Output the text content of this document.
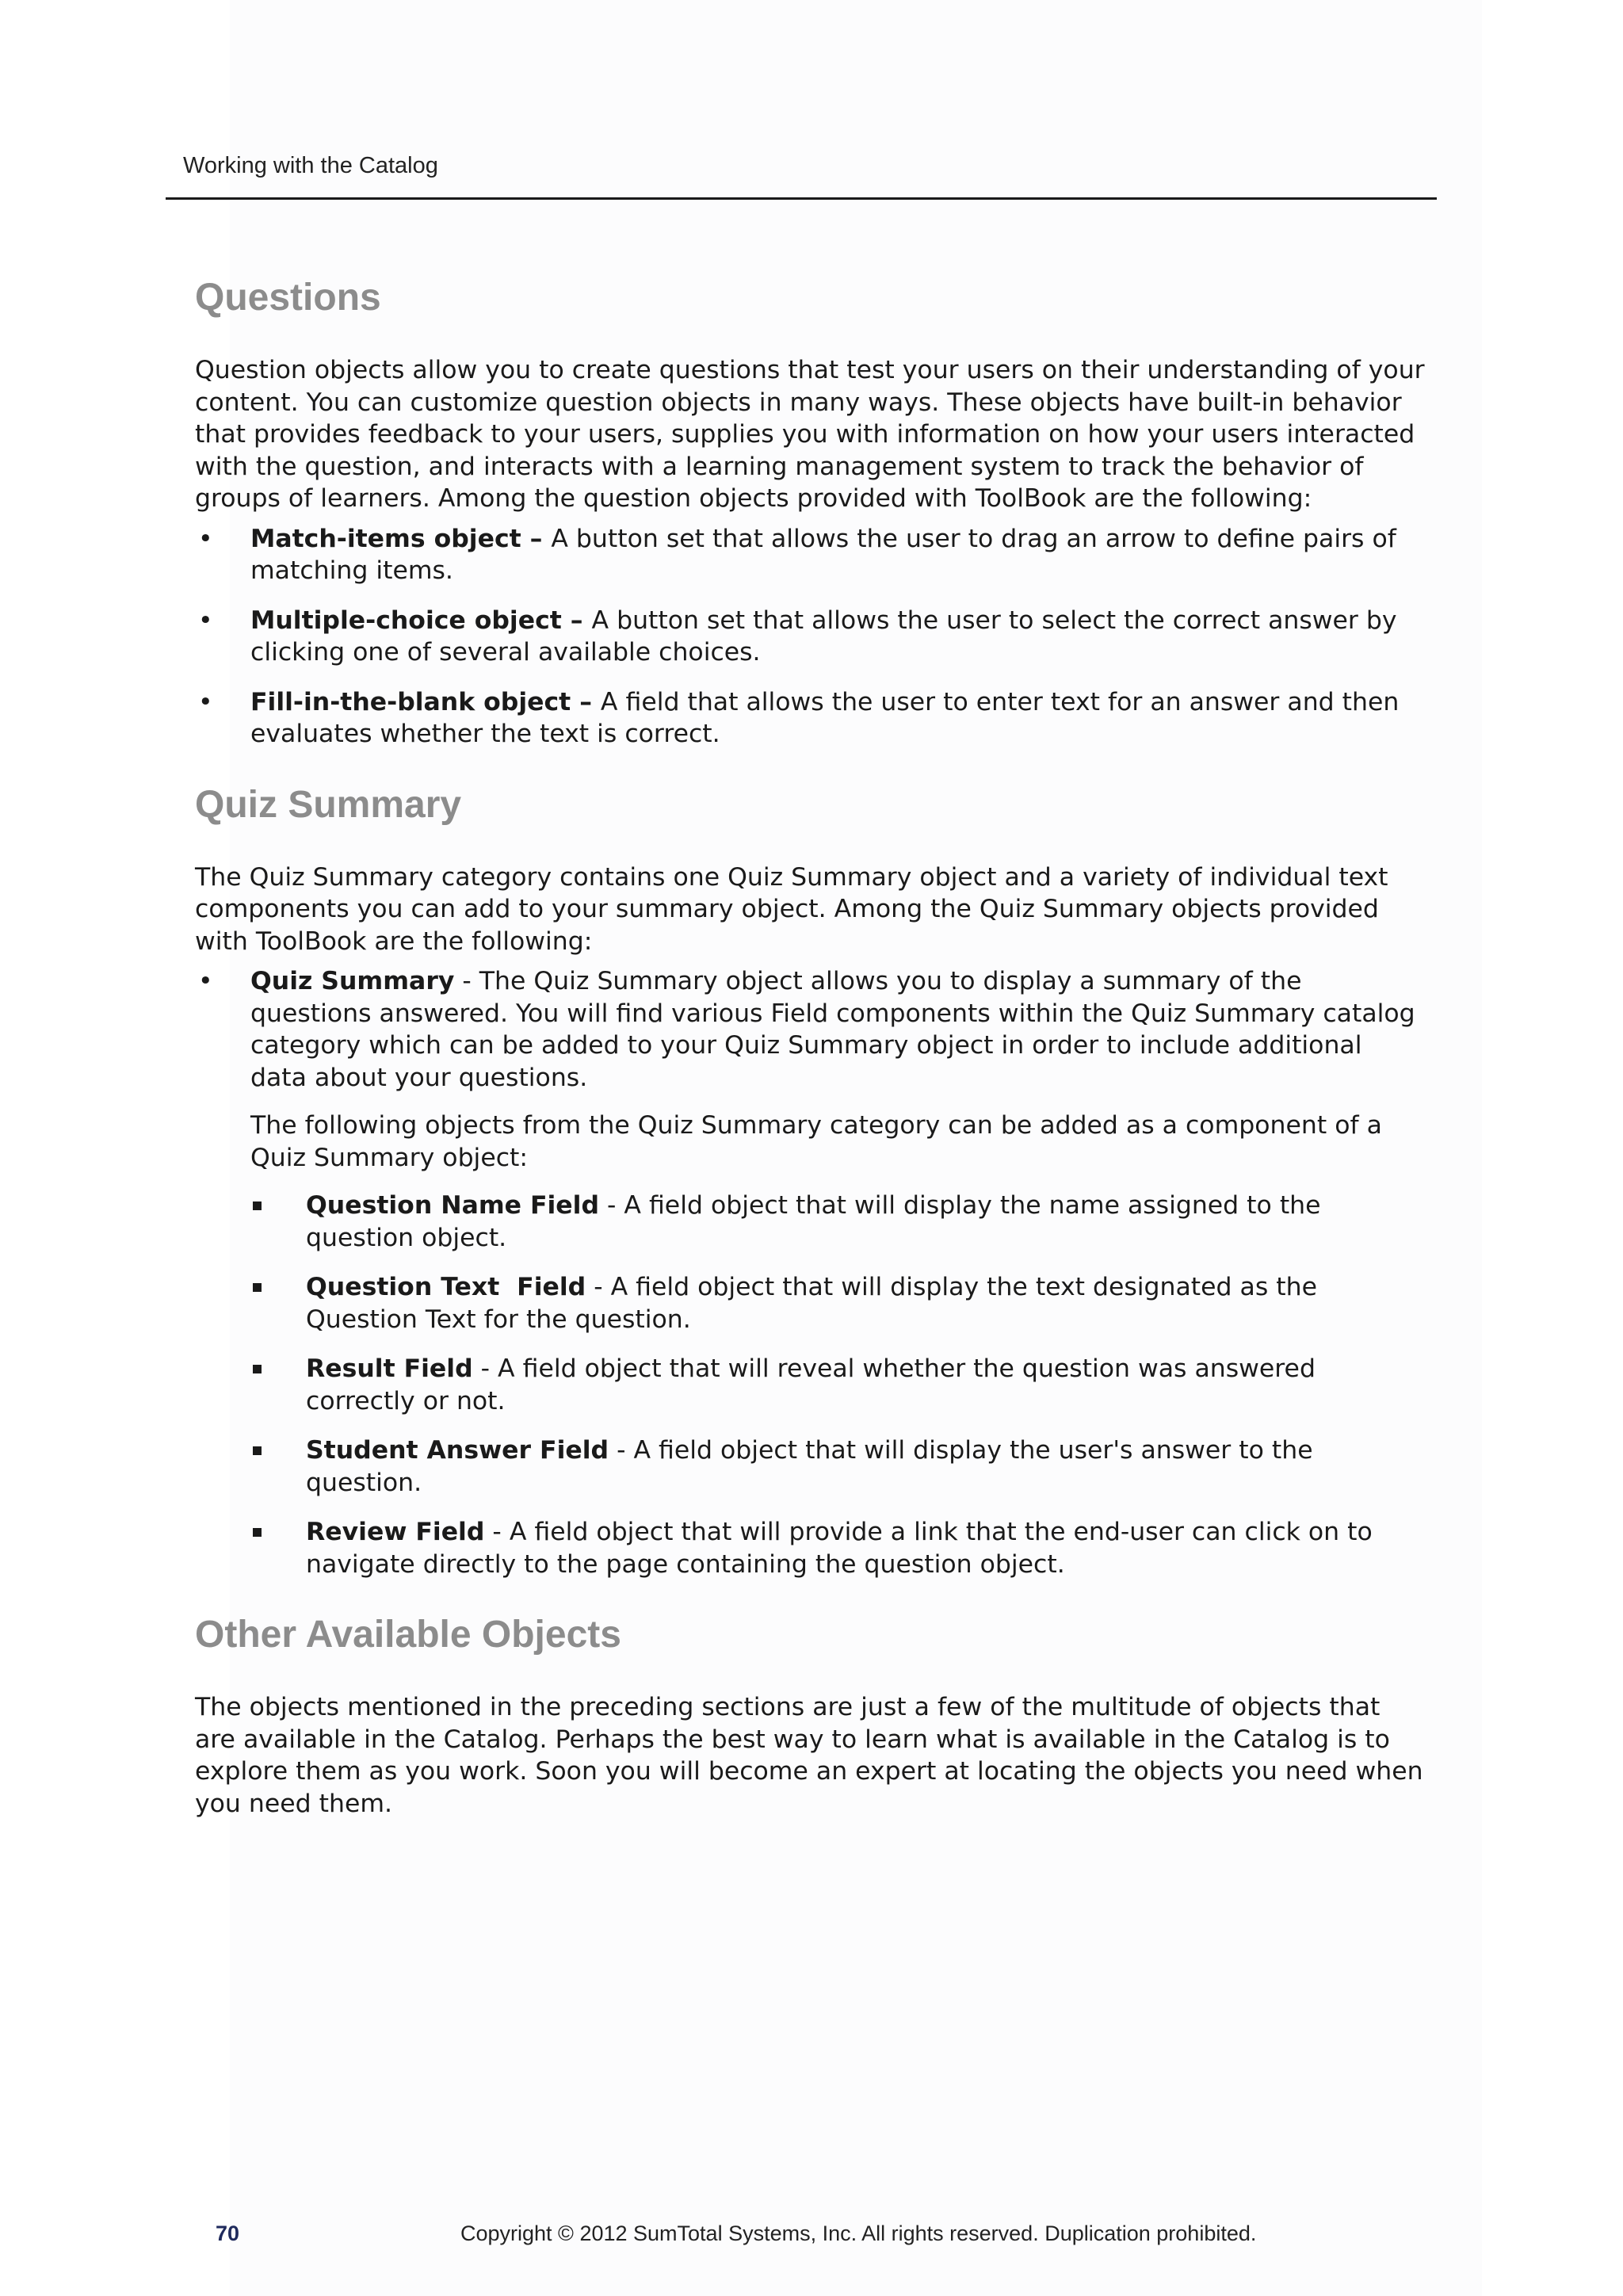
Working with the Catalog
Questions

Question objects allow you to create questions that test your users on their understanding of your content. You can customize question objects in many ways. These objects have built-in behavior that provides feedback to your users, supplies you with information on how your users interacted with the question, and interacts with a learning management system to track the behavior of groups of learners. Among the question objects provided with ToolBook are the following:

• Match-items object – A button set that allows the user to drag an arrow to define pairs of matching items.
• Multiple-choice object – A button set that allows the user to select the correct answer by clicking one of several available choices.
• Fill-in-the-blank object – A field that allows the user to enter text for an answer and then evaluates whether the text is correct.
Quiz Summary

The Quiz Summary category contains one Quiz Summary object and a variety of individual text components you can add to your summary object. Among the Quiz Summary objects provided with ToolBook are the following:

• Quiz Summary - The Quiz Summary object allows you to display a summary of the questions answered. You will find various Field components within the Quiz Summary catalog category which can be added to your Quiz Summary object in order to include additional data about your questions.

The following objects from the Quiz Summary category can be added as a component of a Quiz Summary object:

Question Name Field - A field object that will display the name assigned to the question object.
Question Text  Field - A field object that will display the text designated as the Question Text for the question.
Result Field - A field object that will reveal whether the question was answered correctly or not.
Student Answer Field - A field object that will display the user's answer to the question.
Review Field - A field object that will provide a link that the end-user can click on to navigate directly to the page containing the question object.
Other Available Objects

The objects mentioned in the preceding sections are just a few of the multitude of objects that are available in the Catalog. Perhaps the best way to learn what is available in the Catalog is to explore them as you work. Soon you will become an expert at locating the objects you need when you need them.

70	Copyright © 2012 SumTotal Systems, Inc. All rights reserved. Duplication prohibited.
